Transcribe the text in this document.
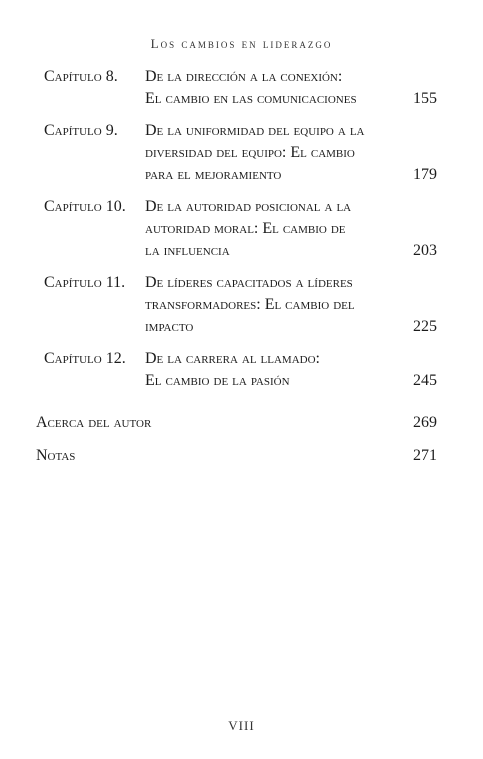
Los cambios en liderazgo
Capítulo 8.	De la dirección a la conexión:
El cambio en las comunicaciones	155
Capítulo 9.	De la uniformidad del equipo a la
diversidad del equipo: El cambio
para el mejoramiento	179
Capítulo 10.	De la autoridad posicional a la
autoridad moral: El cambio de
la influencia	203
Capítulo 11.	De líderes capacitados a líderes
transformadores: El cambio del
impacto	225
Capítulo 12.	De la carrera al llamado:
El cambio de la pasión	245
Acerca del autor	269
Notas	271
VIII
